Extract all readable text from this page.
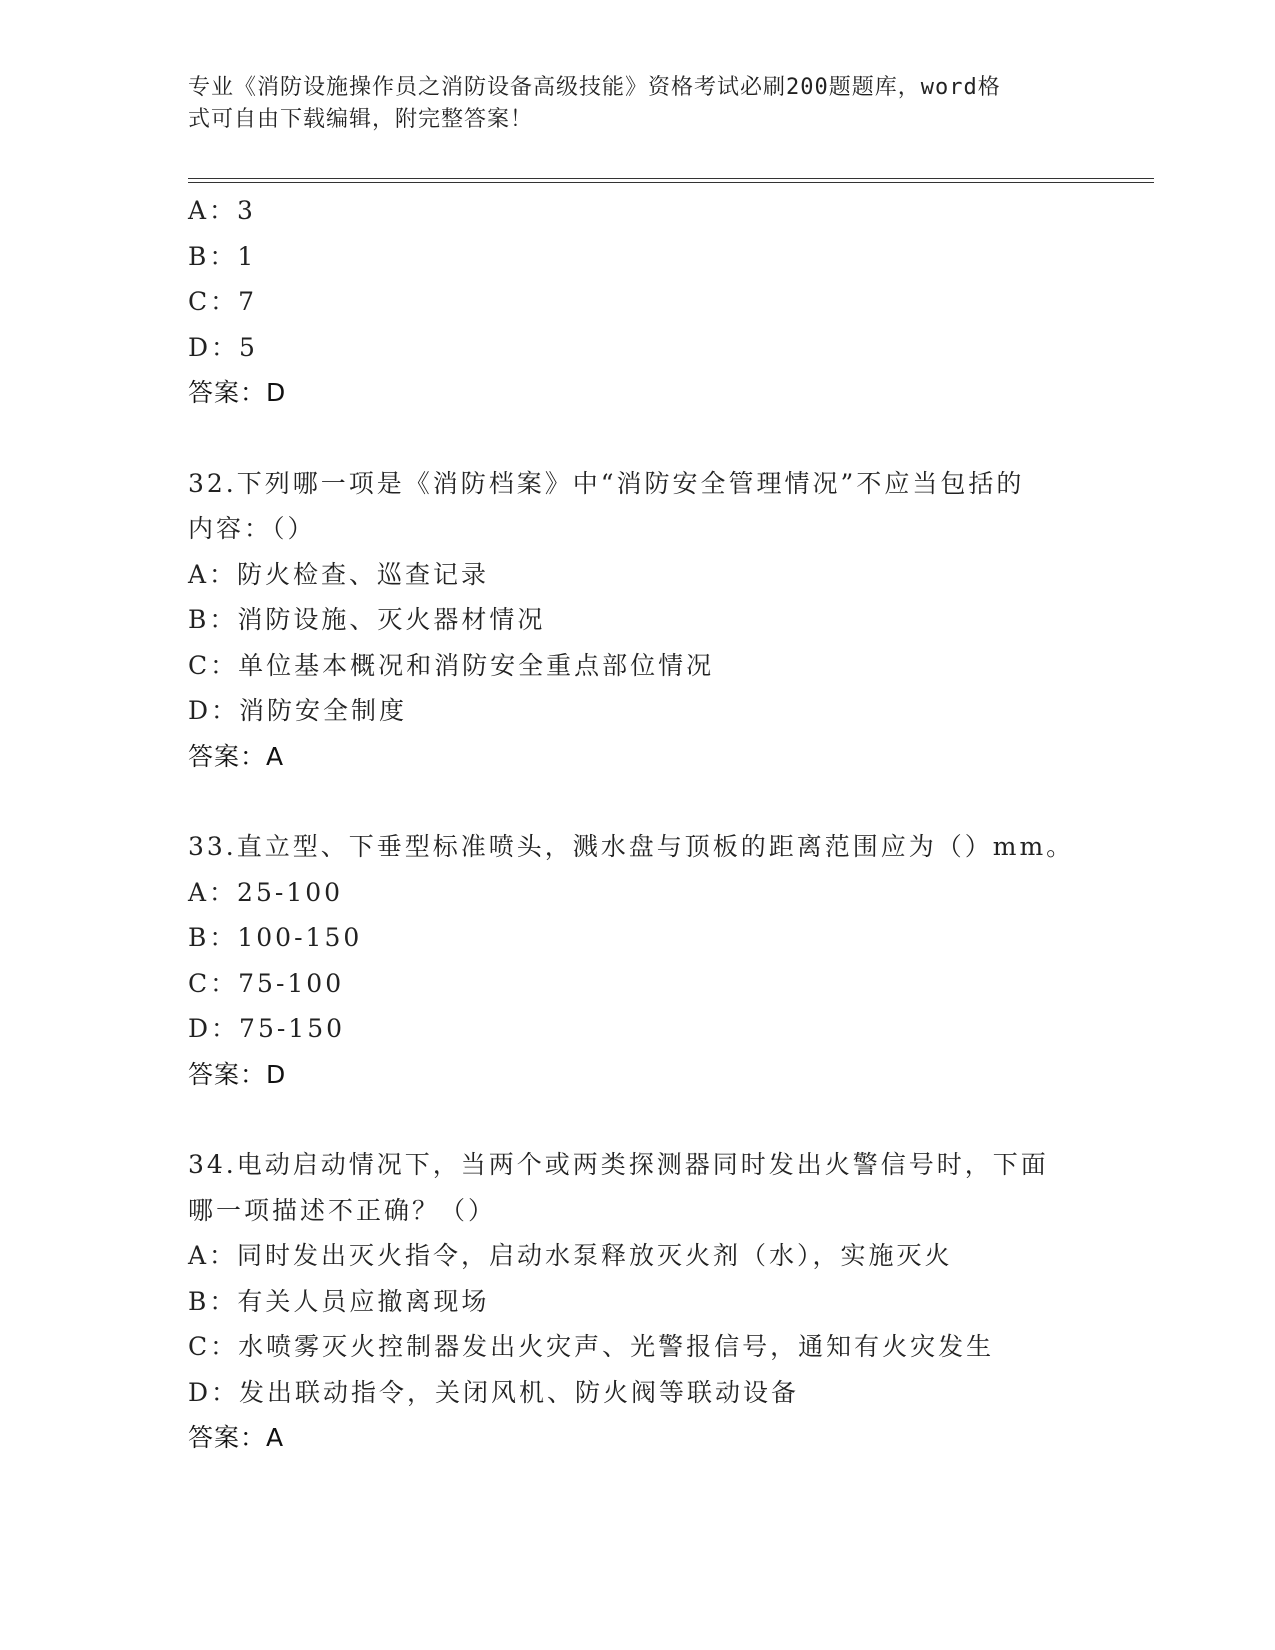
专业《消防设施操作员之消防设备高级技能》资格考试必刷200题题库，word格
式可自由下载编辑，附完整答案！
A：3
B：1
C：7
D：5
答案：D
32.下列哪一项是《消防档案》中“消防安全管理情况”不应当包括的
内容：（）
A：防火检查、巡查记录
B：消防设施、灭火器材情况
C：单位基本概况和消防安全重点部位情况
D：消防安全制度
答案：A
33.直立型、下垂型标准喷头，溅水盘与顶板的距离范围应为（）mm。
A：25-100
B：100-150
C：75-100
D：75-150
答案：D
34.电动启动情况下，当两个或两类探测器同时发出火警信号时，下面
哪一项描述不正确？（）
A：同时发出灭火指令，启动水泵释放灭火剂（水），实施灭火
B：有关人员应撤离现场
C：水喷雾灭火控制器发出火灾声、光警报信号，通知有火灾发生
D：发出联动指令，关闭风机、防火阀等联动设备
答案：A
